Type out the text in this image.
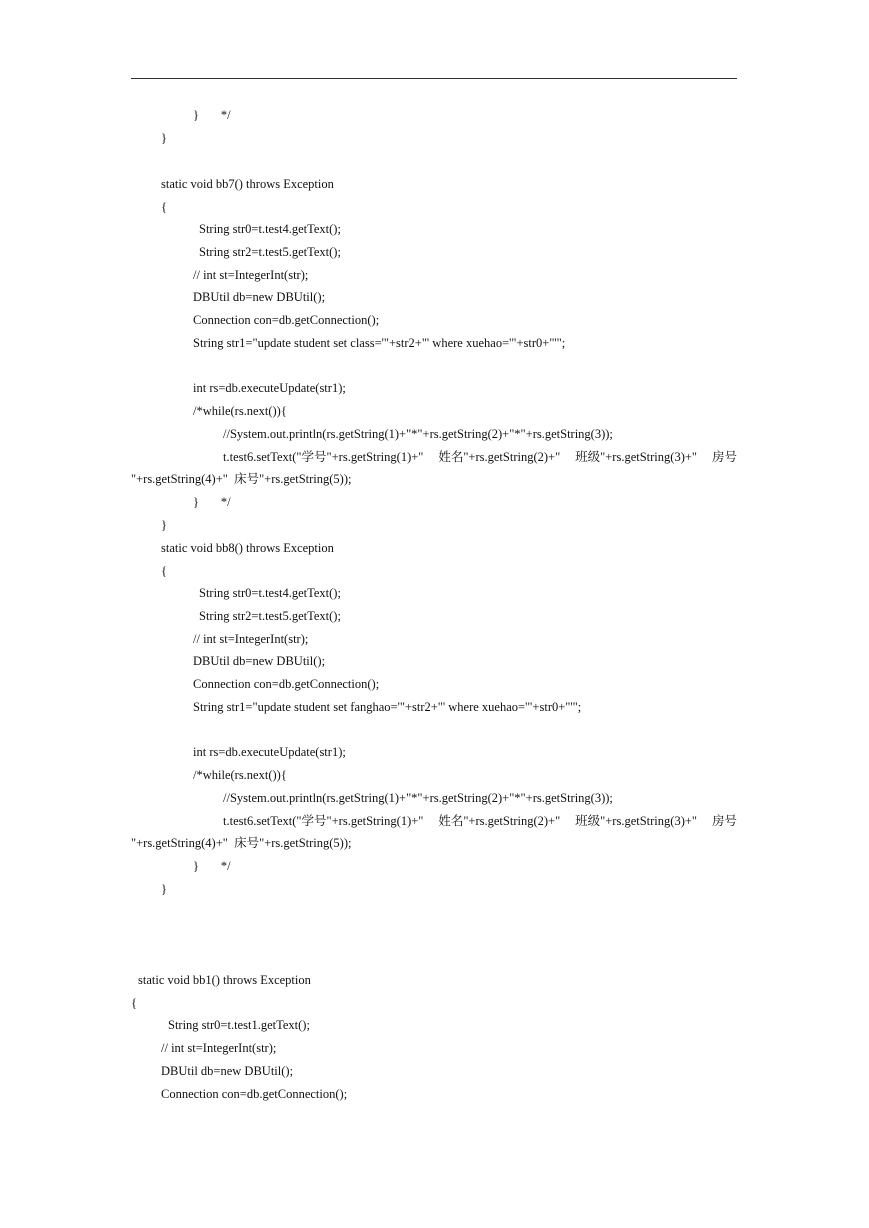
}       */
}
static void bb7() throws Exception
{
String str0=t.test4.getText();
String str2=t.test5.getText();
// int st=IntegerInt(str);
DBUtil db=new DBUtil();
Connection con=db.getConnection();
String str1="update student set class='"+str2+"' where xuehao='"+str0+"'";
int rs=db.executeUpdate(str1);
/*while(rs.next()){
//System.out.println(rs.getString(1)+"*"+rs.getString(2)+"*"+rs.getString(3));
t.test6.setText("学号"+rs.getString(1)+" 姓名"+rs.getString(2)+" 班级"+rs.getString(3)+" 房号
"+rs.getString(4)+"  床号"+rs.getString(5));
}       */
}
static void bb8() throws Exception
{
String str0=t.test4.getText();
String str2=t.test5.getText();
// int st=IntegerInt(str);
DBUtil db=new DBUtil();
Connection con=db.getConnection();
String str1="update student set fanghao='"+str2+"' where xuehao='"+str0+"'";
int rs=db.executeUpdate(str1);
/*while(rs.next()){
//System.out.println(rs.getString(1)+"*"+rs.getString(2)+"*"+rs.getString(3));
t.test6.setText("学号"+rs.getString(1)+" 姓名"+rs.getString(2)+" 班级"+rs.getString(3)+" 房号
"+rs.getString(4)+"  床号"+rs.getString(5));
}       */
}
static void bb1() throws Exception
{
String str0=t.test1.getText();
// int st=IntegerInt(str);
DBUtil db=new DBUtil();
Connection con=db.getConnection();
